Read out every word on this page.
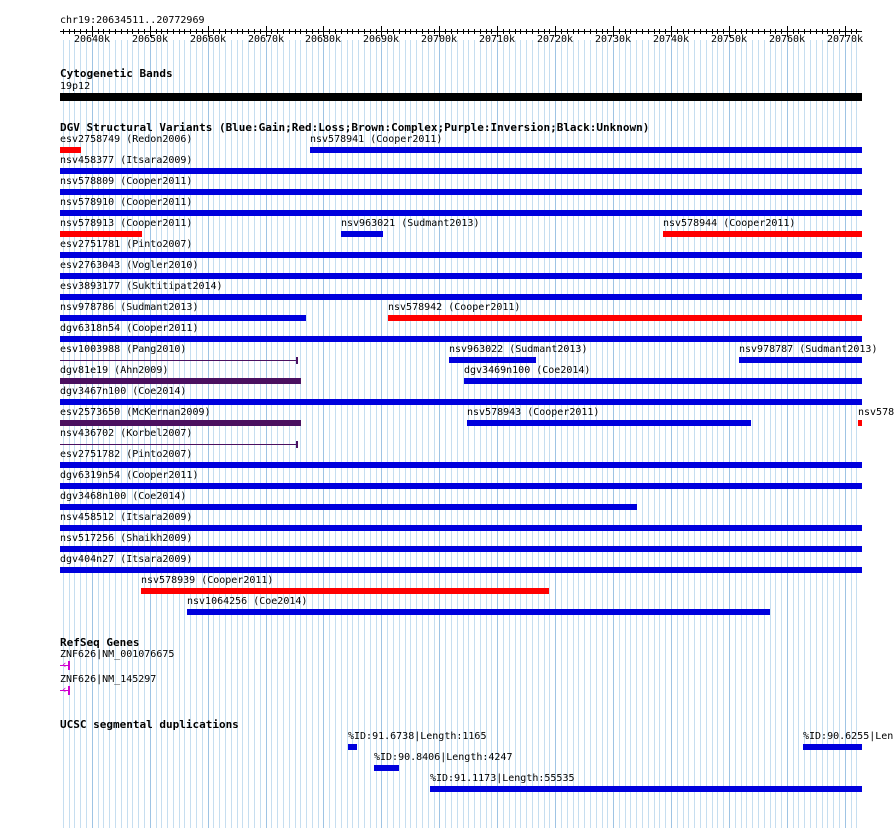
chr19:20634511..20772969
20640k 20650k 20660k 20670k 20680k 20690k 20700k 20710k 20720k 20730k 20740k 20750k 20760k 20770k
Cytogenetic Bands
19p12
DGV Structural Variants (Blue:Gain;Red:Loss;Brown:Complex;Purple:Inversion;Black:Unknown)
esv2758749 (Redon2006)	nsv578941 (Cooper2011)
nsv458377 (Itsara2009)
nsv578809 (Cooper2011)
nsv578910 (Cooper2011)
nsv578913 (Cooper2011)	nsv963021 (Sudmant2013)	nsv578944 (Cooper2011)
esv2751781 (Pinto2007)
esv2763043 (Vogler2010)
esv3893177 (Suktitipat2014)
nsv978786 (Sudmant2013)	nsv578942 (Cooper2011)
dgv6318n54 (Cooper2011)
esv1003988 (Pang2010)	nsv963022 (Sudmant2013)	nsv978787 (Sudmant2013)
dgv81e19 (Ahn2009)	dgv3469n100 (Coe2014)
dgv3467n100 (Coe2014)
esv2573650 (McKernan2009)	nsv578943 (Cooper2011)	nsv578
nsv436702 (Korbel2007)
esv2751782 (Pinto2007)
dgv6319n54 (Cooper2011)
dgv3468n100 (Coe2014)
nsv458512 (Itsara2009)
nsv517256 (Shaikh2009)
dgv404n27 (Itsara2009)
nsv578939 (Cooper2011)
nsv1064256 (Coe2014)
RefSeq Genes
ZNF626|NM_001076675
‹
ZNF626|NM_145297
‹
UCSC segmental duplications
%ID:91.6738|Length:1165	%ID:90.6255|Len
%ID:90.8406|Length:4247
%ID:91.1173|Length:55535
